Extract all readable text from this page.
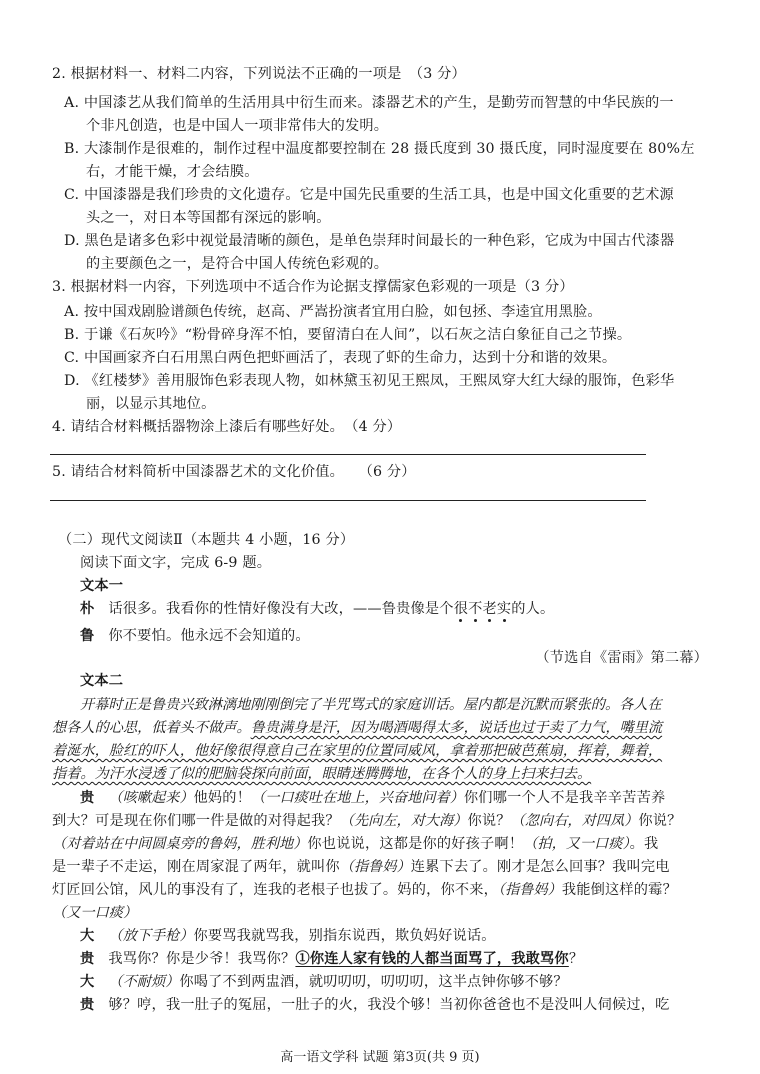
2. 根据材料一、材料二内容，下列说法不正确的一项是　（3 分）
A. 中国漆艺从我们简单的生活用具中衍生而来。漆器艺术的产生，是勤劳而智慧的中华民族的一
个非凡创造，也是中国人一项非常伟大的发明。
B. 大漆制作是很难的，制作过程中温度都要控制在 28 摄氏度到 30 摄氏度，同时湿度要在 80%左
右，才能干燥，才会结膜。
C. 中国漆器是我们珍贵的文化遗存。它是中国先民重要的生活工具，也是中国文化重要的艺术源
头之一，对日本等国都有深远的影响。
D. 黑色是诸多色彩中视觉最清晰的颜色，是单色崇拜时间最长的一种色彩，它成为中国古代漆器
的主要颜色之一，是符合中国人传统色彩观的。
3. 根据材料一内容，下列选项中不适合作为论据支撑儒家色彩观的一项是（3 分）
A. 按中国戏剧脸谱颜色传统，赵高、严嵩扮演者宜用白脸，如包拯、李逵宜用黑脸。
B. 于谦《石灰吟》“粉骨碎身浑不怕，要留清白在人间”，以石灰之洁白象征自己之节操。
C. 中国画家齐白石用黑白两色把虾画活了，表现了虾的生命力，达到十分和谐的效果。
D. 《红楼梦》善用服饰色彩表现人物，如林黛玉初见王熙凤，王熙凤穿大红大绿的服饰，色彩华
丽，以显示其地位。
4. 请结合材料概括器物涂上漆后有哪些好处。　（4 分）
5. 请结合材料简析中国漆器艺术的文化价值。　　（6 分）
（二）现代文阅读Ⅱ（本题共 4 小题，16 分）
阅读下面文字，完成 6-9 题。
文本一
朴 话很多。我看你的性情好像没有大改，——鲁贵像是个很不老实的人。
鲁 你不要怕。他永远不会知道的。
（节选自《雷雨》第二幕）
文本二
开幕时正是鲁贵兴致淋漓地刚刚倒完了半咒骂式的家庭训话。屋内都是沉默而紧张的。各人在
想各人的心思，低着头不做声。鲁贵满身是汗，因为喝酒喝得太多，说话也过于卖了力气，嘴里流
着涎水，脸红的吓人，他好像很得意自己在家里的位置同威风，拿着那把破芭蕉扇，挥着，舞着，
指着。为汗水浸透了似的肥脑袋探向前面，眼睛迷腾腾地，在各个人的身上扫来扫去。
贵 （咳嗽起来）他妈的！（一口痰吐在地上，兴奋地问着）你们哪一个人不是我辛辛苦苦养
到大？可是现在你们哪一件是做的对得起我？（先向左，对大海）你说？（忽向右，对四凤）你说？
（对着站在中间圆桌旁的鲁妈，胜利地）你也说说，这都是你的好孩子啊！（拍，又一口痰）。我
是一辈子不走运，刚在周家混了两年，就叫你（指鲁妈）连累下去了。刚才是怎么回事？我叫完电
灯匠回公馆，风儿的事没有了，连我的老根子也拔了。妈的，你不来，（指鲁妈）我能倒这样的霉？
（又一口痰）
大 （放下手枪）你要骂我就骂我，别指东说西，欺负妈好说话。
贵 我骂你？你是少爷！我骂你？①你连人家有钱的人都当面骂了，我敢骂你？
大 （不耐烦）你喝了不到两盅酒，就叨叨叨，叨叨叨，这半点钟你够不够？
贵 够？哼，我一肚子的冤屈，一肚子的火，我没个够！当初你爸爸也不是没叫人伺候过，吃
高一语文学科 试题 第3页(共 9 页)
